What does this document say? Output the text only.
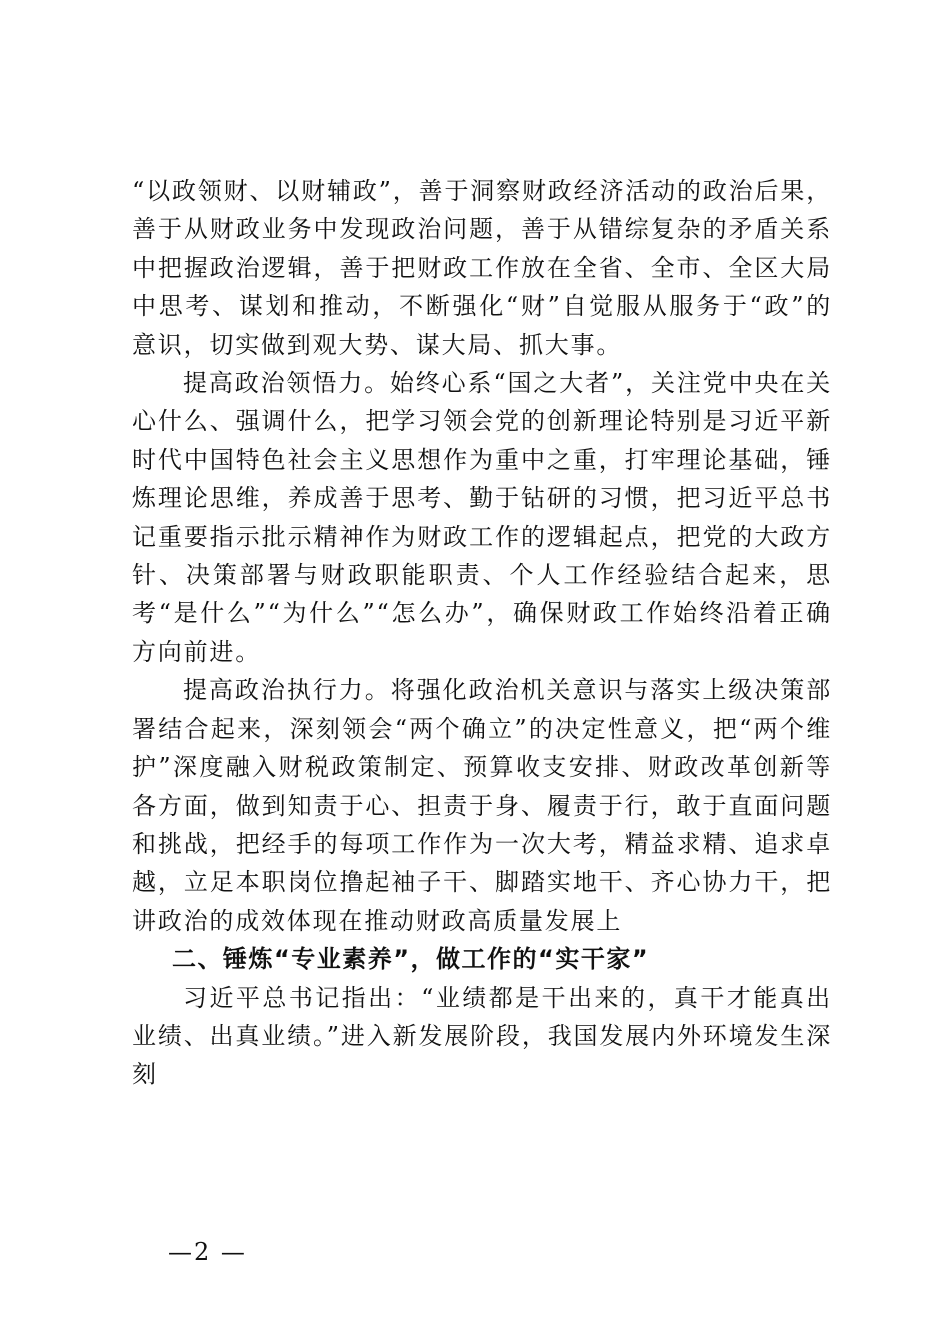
“以政领财、以财辅政”，善于洞察财政经济活动的政治后果，善于从财政业务中发现政治问题，善于从错综复杂的矛盾关系中把握政治逻辑，善于把财政工作放在全省、全市、全区大局中思考、谋划和推动，不断强化“财”自觉服从服务于“政”的意识，切实做到观大势、谋大局、抓大事。

提高政治领悟力。始终心系“国之大者”，关注党中央在关心什么、强调什么，把学习领会党的创新理论特别是习近平新时代中国特色社会主义思想作为重中之重，打牢理论基础，锤炼理论思维，养成善于思考、勤于钻研的习惯，把习近平总书记重要指示批示精神作为财政工作的逻辑起点，把党的大政方针、决策部署与财政职能职责、个人工作经验结合起来，思考“是什么”“为什么”“怎么办”，确保财政工作始终沿着正确方向前进。

提高政治执行力。将强化政治机关意识与落实上级决策部署结合起来，深刻领会“两个确立”的决定性意义，把“两个维护”深度融入财税政策制定、预算收支安排、财政改革创新等各方面，做到知责于心、担责于身、履责于行，敢于直面问题和挑战，把经手的每项工作作为一次大考，精益求精、追求卓越，立足本职岗位撸起袖子干、脚踏实地干、齐心协力干，把讲政治的成效体现在推动财政高质量发展上

二、锤炼“专业素养”，做工作的“实干家”

习近平总书记指出：“业绩都是干出来的，真干才能真出业绩、出真业绩。”进入新发展阶段，我国发展内外环境发生深刻

—2 —
